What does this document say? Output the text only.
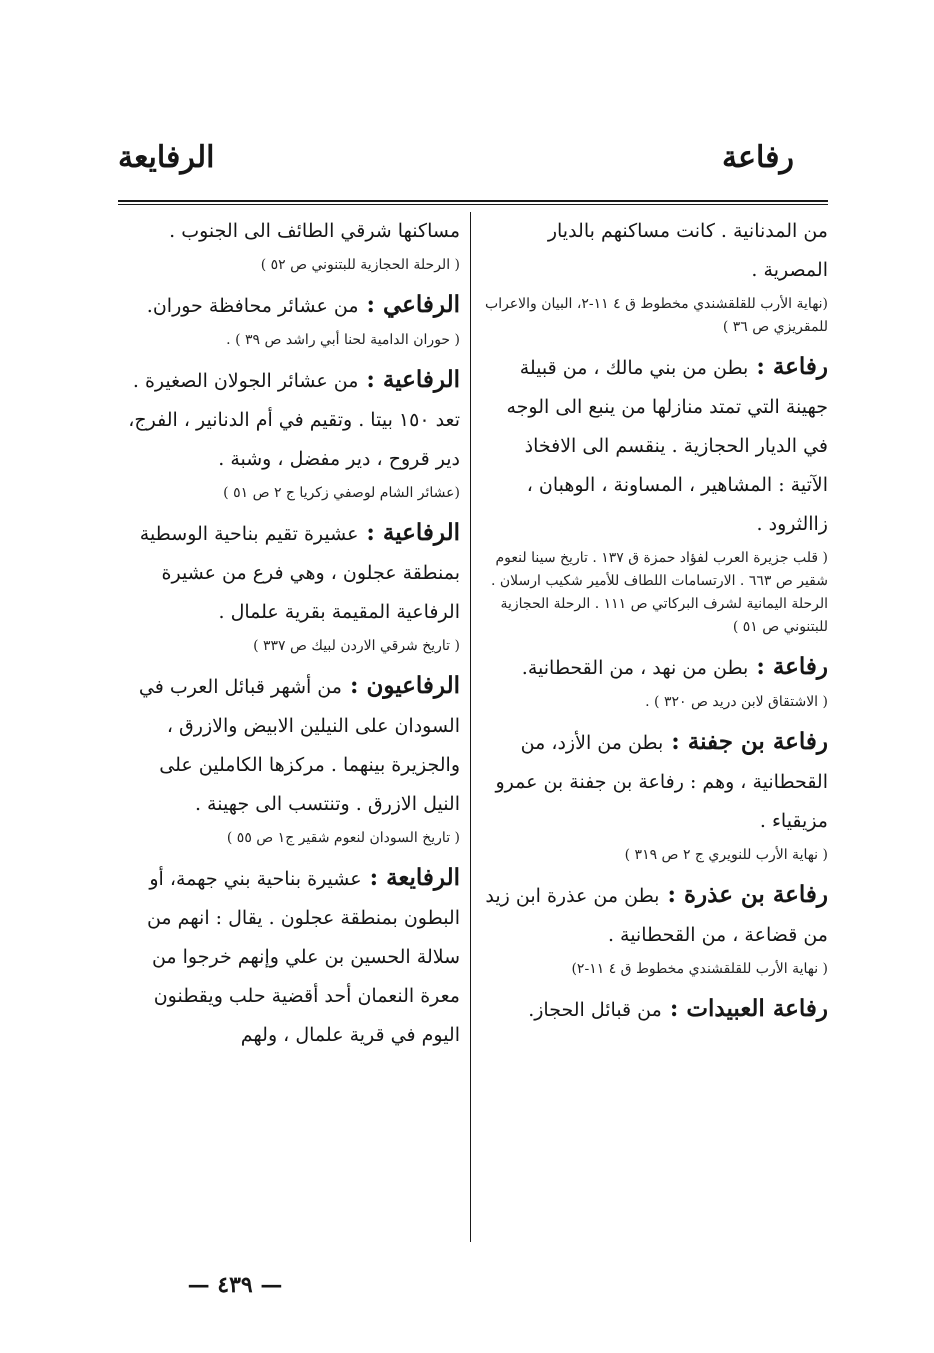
رفاعة
الرفايعة

من المدنانية . كانت مساكنهم بالديار المصرية .

(نهاية الأرب للقلقشندي مخطوط ق ٤ ١١-٢، البيان والاعراب للمقريزي ص ٣٦ )

رفاعة : بطن من بني مالك ، من قبيلة جهينة التي تمتد منازلها من ينبع الى الوجه في الديار الحجازية . ينقسم الى الافخاذ الآتية : المشاهير ، المساونة ، الوهبان ، زاالثرود .

( قلب جزيرة العرب لفؤاد حمزة ق ١٣٧ . تاريخ سينا لنعوم شقير ص ٦٦٣ . الارتسامات اللطاف للأمير شكيب ارسلان . الرحلة اليمانية لشرف البركاتي ص ١١١ . الرحلة الحجازية للبتنوني ص ٥١ )

رفاعة : بطن من نهد ، من القحطانية.

( الاشتقاق لابن دريد ص ٣٢٠ ) .

رفاعة بن جفنة : بطن من الأزد، من القحطانية ، وهم : رفاعة بن جفنة بن عمرو مزيقياء .

( نهاية الأرب للنويري ج ٢ ص ٣١٩ )

رفاعة بن عذرة : بطن من عذرة ابن زيد من قضاعة ، من القحطانية .

( نهاية الأرب للقلقشندي مخطوط ق ٤ ١١-٢)

رفاعة العبيدات : من قبائل الحجاز.

مساكنها شرقي الطائف الى الجنوب .

( الرحلة الحجازية للبتنوني ص ٥٢ )

الرفاعي : من عشائر محافظة حوران.

( حوران الدامية لحنا أبي راشد ص ٣٩ ) .

الرفاعية : من عشائر الجولان الصغيرة . تعد ١٥٠ بيتا . وتقيم في أم الدنانير ، الفرج، دير قروح ، دير مفضل ، وشبة .

(عشائر الشام لوصفي زكريا ج ٢ ص ٥١ )

الرفاعية : عشيرة تقيم بناحية الوسطية بمنطقة عجلون ، وهي فرع من عشيرة الرفاعية المقيمة بقرية علمال .

( تاريخ شرقي الاردن لبيك ص ٣٣٧ )

الرفاعيون : من أشهر قبائل العرب في السودان على النيلين الابيض والازرق ، والجزيرة بينهما . مركزها الكاملين على النيل الازرق . وتنتسب الى جهينة .

( تاريخ السودان لنعوم شقير ج١ ص ٥٥ )

الرفايعة : عشيرة بناحية بني جهمة، أو البطون بمنطقة عجلون . يقال : انهم من سلالة الحسين بن علي وإنهم خرجوا من معرة النعمان أحد أقضية حلب ويقطنون اليوم في قرية علمال ، ولهم

— ٤٣٩ —
